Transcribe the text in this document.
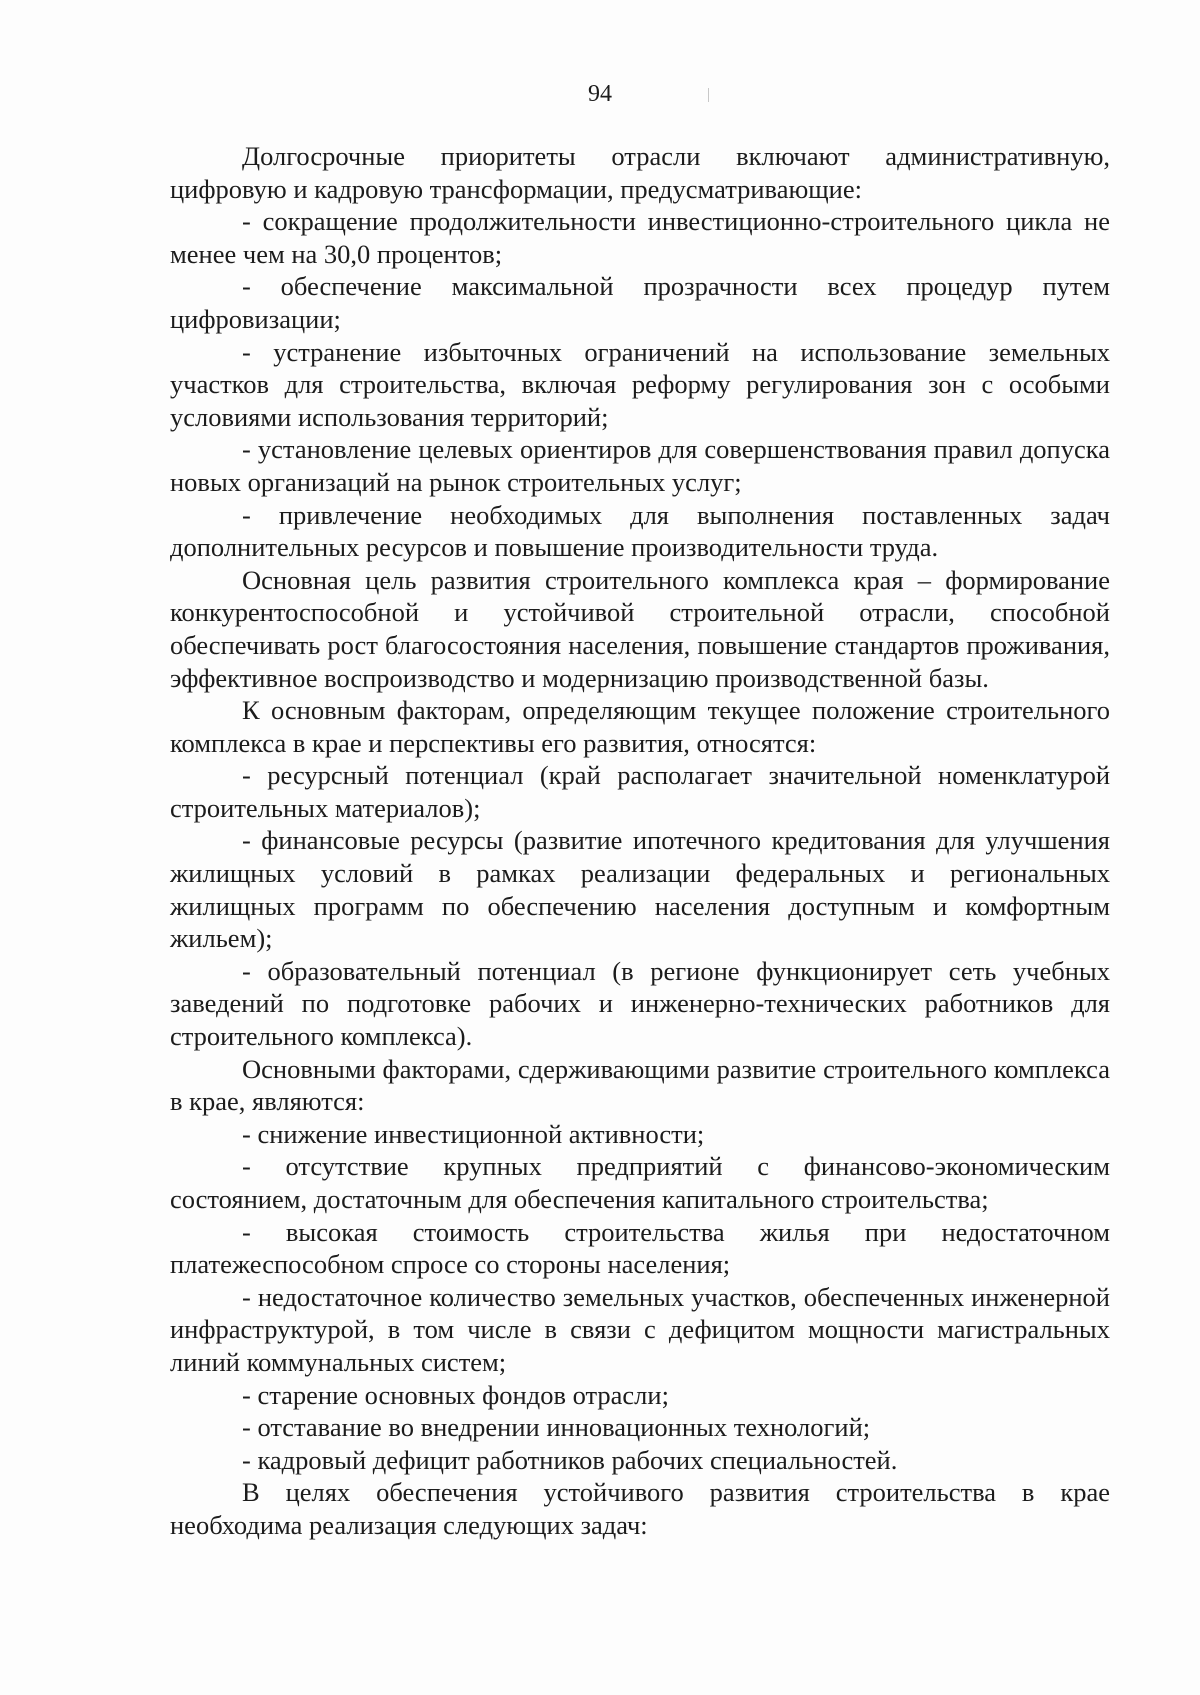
94

Долгосрочные приоритеты отрасли включают административную, цифровую и кадровую трансформации, предусматривающие:

- сокращение продолжительности инвестиционно-строительного цикла не менее чем на 30,0 процентов;

- обеспечение максимальной прозрачности всех процедур путем цифровизации;

- устранение избыточных ограничений на использование земельных участков для строительства, включая реформу регулирования зон с особыми условиями использования территорий;

- установление целевых ориентиров для совершенствования правил допуска новых организаций на рынок строительных услуг;

- привлечение необходимых для выполнения поставленных задач дополнительных ресурсов и повышение производительности труда.

Основная цель развития строительного комплекса края – формирование конкурентоспособной и устойчивой строительной отрасли, способной обеспечивать рост благосостояния населения, повышение стандартов проживания, эффективное воспроизводство и модернизацию производственной базы.

К основным факторам, определяющим текущее положение строительного комплекса в крае и перспективы его развития, относятся:

- ресурсный потенциал (край располагает значительной номенклатурой строительных материалов);

- финансовые ресурсы (развитие ипотечного кредитования для улучшения жилищных условий в рамках реализации федеральных и региональных жилищных программ по обеспечению населения доступным и комфортным жильем);

- образовательный потенциал (в регионе функционирует сеть учебных заведений по подготовке рабочих и инженерно-технических работников для строительного комплекса).

Основными факторами, сдерживающими развитие строительного комплекса в крае, являются:

- снижение инвестиционной активности;

- отсутствие крупных предприятий с финансово-экономическим состоянием, достаточным для обеспечения капитального строительства;

- высокая стоимость строительства жилья при недостаточном платежеспособном спросе со стороны населения;

- недостаточное количество земельных участков, обеспеченных инженерной инфраструктурой, в том числе в связи с дефицитом мощности магистральных линий коммунальных систем;

- старение основных фондов отрасли;

- отставание во внедрении инновационных технологий;

- кадровый дефицит работников рабочих специальностей.

В целях обеспечения устойчивого развития строительства в крае необходима реализация следующих задач:
